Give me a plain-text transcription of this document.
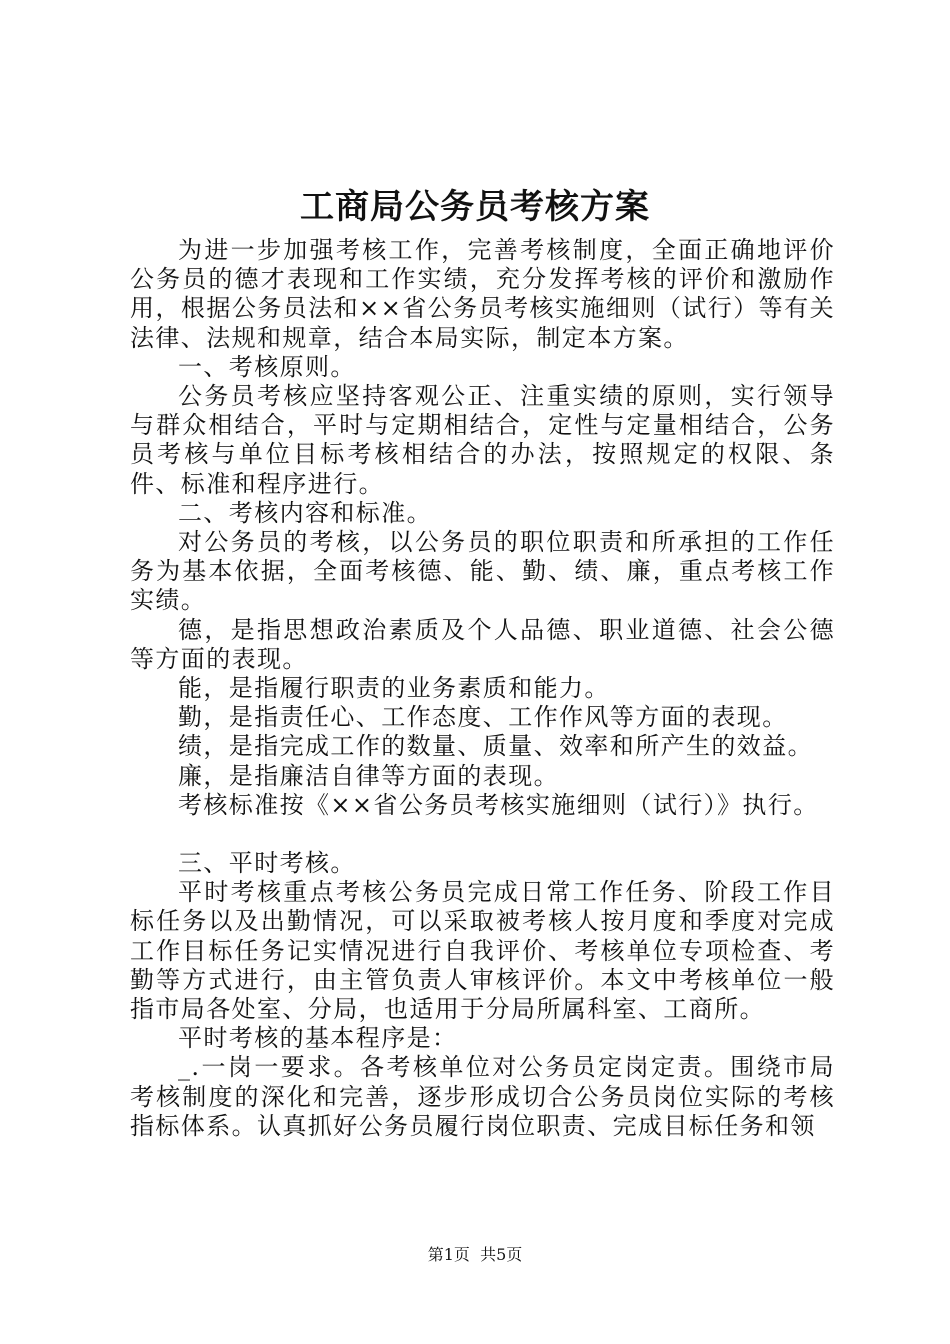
工商局公务员考核方案

为进一步加强考核工作，完善考核制度，全面正确地评价公务员的德才表现和工作实绩，充分发挥考核的评价和激励作用，根据公务员法和××省公务员考核实施细则（试行）等有关法律、法规和规章，结合本局实际，制定本方案。

一、考核原则。

公务员考核应坚持客观公正、注重实绩的原则，实行领导与群众相结合，平时与定期相结合，定性与定量相结合，公务员考核与单位目标考核相结合的办法，按照规定的权限、条件、标准和程序进行。

二、考核内容和标准。

对公务员的考核，以公务员的职位职责和所承担的工作任务为基本依据，全面考核德、能、勤、绩、廉，重点考核工作实绩。

德，是指思想政治素质及个人品德、职业道德、社会公德等方面的表现。

能，是指履行职责的业务素质和能力。

勤，是指责任心、工作态度、工作作风等方面的表现。

绩，是指完成工作的数量、质量、效率和所产生的效益。

廉，是指廉洁自律等方面的表现。

考核标准按《××省公务员考核实施细则（试行）》执行。

三、平时考核。

平时考核重点考核公务员完成日常工作任务、阶段工作目标任务以及出勤情况，可以采取被考核人按月度和季度对完成工作目标任务记实情况进行自我评价、考核单位专项检查、考勤等方式进行，由主管负责人审核评价。本文中考核单位一般指市局各处室、分局，也适用于分局所属科室、工商所。

平时考核的基本程序是：

_.一岗一要求。各考核单位对公务员定岗定责。围绕市局考核制度的深化和完善，逐步形成切合公务员岗位实际的考核指标体系。认真抓好公务员履行岗位职责、完成目标任务和领

第1页  共5页
